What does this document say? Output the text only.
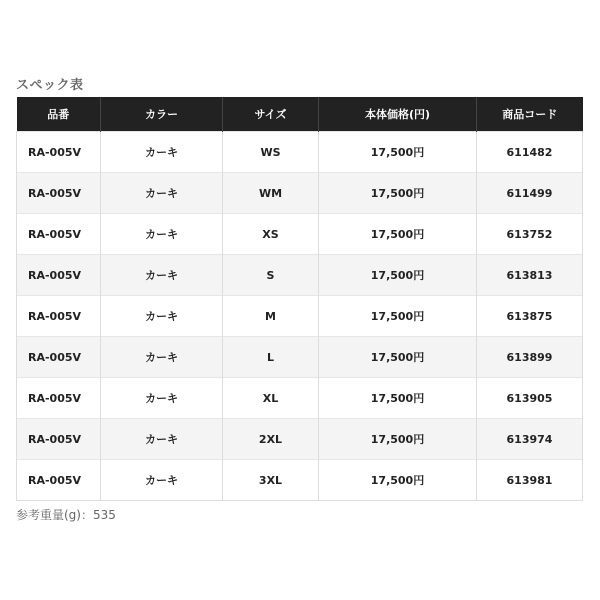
スペック表
品番	カラー	サイズ	本体価格(円)	商品コード
RA-005V	カーキ	WS	17,500円	611482
RA-005V	カーキ	WM	17,500円	611499
RA-005V	カーキ	XS	17,500円	613752
RA-005V	カーキ	S	17,500円	613813
RA-005V	カーキ	M	17,500円	613875
RA-005V	カーキ	L	17,500円	613899
RA-005V	カーキ	XL	17,500円	613905
RA-005V	カーキ	2XL	17,500円	613974
RA-005V	カーキ	3XL	17,500円	613981
参考重量(g)：535
